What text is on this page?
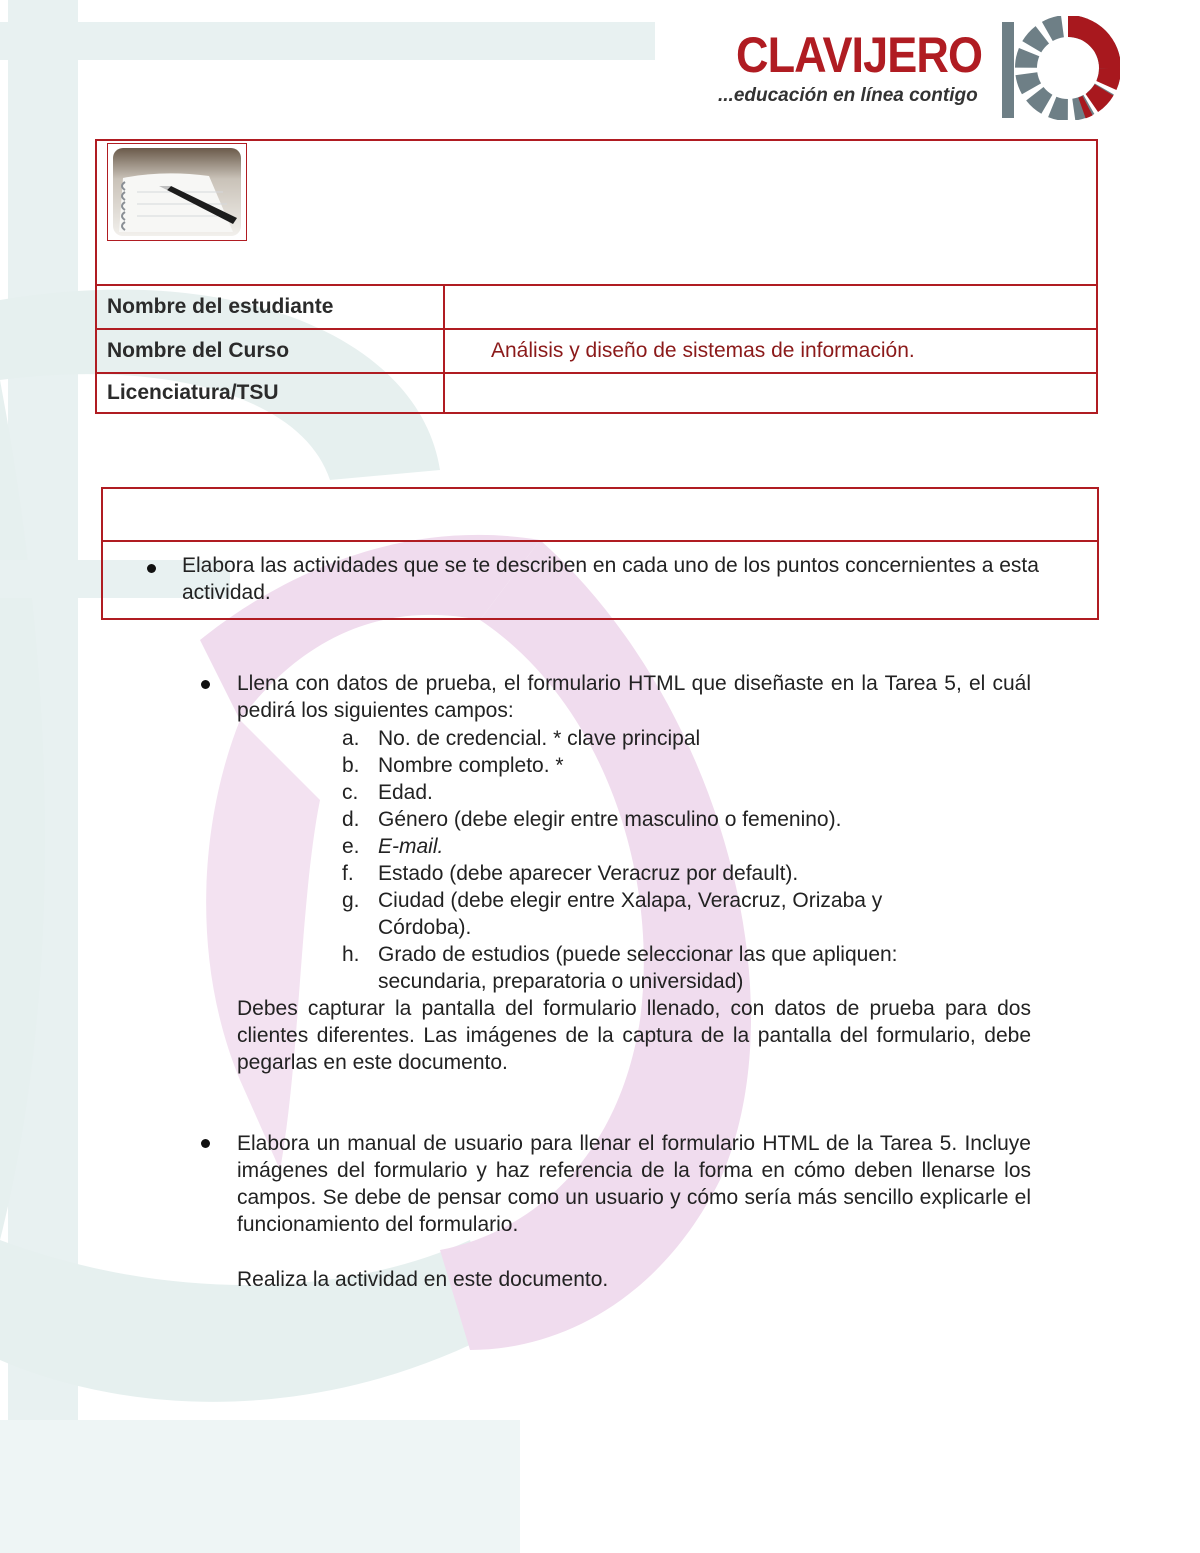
CLAVIJERO
...educación en línea contigo

Nombre del estudiante	
Nombre del Curso	Análisis y diseño de sistemas de información.
Licenciatura/TSU	
Elabora las actividades que se te describen en cada uno de los puntos concernientes a esta actividad.
Llena con datos de prueba, el formulario HTML que diseñaste en la Tarea 5, el cuál pedirá los siguientes campos:
a. No. de credencial. * clave principal
b. Nombre completo. *
c. Edad.
d. Género (debe elegir entre masculino o femenino).
e. E-mail.
f.	Estado (debe aparecer Veracruz por default).
g. Ciudad (debe elegir entre Xalapa, Veracruz, Orizaba y Córdoba).
h. Grado de estudios (puede seleccionar las que apliquen: secundaria, preparatoria o universidad)
Debes capturar la pantalla del formulario llenado, con datos de prueba para dos clientes diferentes. Las imágenes de la captura de la pantalla del formulario, debe pegarlas en este documento.
Elabora un manual de usuario para llenar el formulario HTML de la Tarea 5. Incluye imágenes del formulario y haz referencia de la forma en cómo deben llenarse los campos. Se debe de pensar como un usuario y cómo sería más sencillo explicarle el funcionamiento del formulario.
Realiza la actividad en este documento.
